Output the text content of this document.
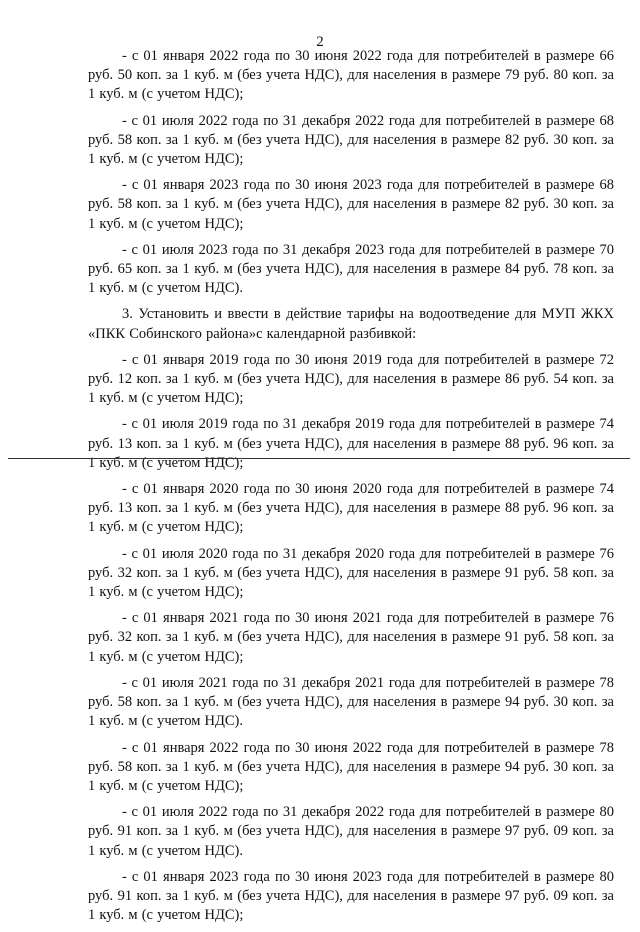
2

- с 01 января 2022 года по 30 июня 2022 года для потребителей в размере 66 руб. 50 коп. за 1 куб. м (без учета НДС), для населения в размере 79 руб. 80 коп. за 1 куб. м (с учетом НДС);

- с 01 июля 2022 года по 31 декабря 2022 года для потребителей в размере 68 руб. 58 коп. за 1 куб. м (без учета НДС), для населения в размере 82 руб. 30 коп. за 1 куб. м (с учетом НДС);

- с 01 января 2023 года по 30 июня 2023 года для потребителей в размере 68 руб. 58 коп. за 1 куб. м (без учета НДС), для населения в размере 82 руб. 30 коп. за 1 куб. м (с учетом НДС);

- с 01 июля 2023 года по 31 декабря 2023 года для потребителей в размере 70 руб. 65 коп. за 1 куб. м (без учета НДС), для населения в размере 84 руб. 78 коп. за 1 куб. м (с учетом НДС).

3. Установить и ввести в действие тарифы на водоотведение для МУП ЖКХ «ПКК Собинского района»с календарной разбивкой:

- с 01 января 2019 года по 30 июня 2019 года для потребителей в размере 72 руб. 12 коп. за 1 куб. м (без учета НДС), для населения в размере 86 руб. 54 коп. за 1 куб. м (с учетом НДС);

- с 01 июля 2019 года по 31 декабря 2019 года для потребителей в размере 74 руб. 13 коп. за 1 куб. м (без учета НДС), для населения в размере 88 руб. 96 коп. за 1 куб. м (с учетом НДС);

- с 01 января 2020 года по 30 июня 2020 года для потребителей в размере 74 руб. 13 коп. за 1 куб. м (без учета НДС), для населения в размере 88 руб. 96 коп. за 1 куб. м (с учетом НДС);

- с 01 июля 2020 года по 31 декабря 2020 года для потребителей в размере 76 руб. 32 коп. за 1 куб. м (без учета НДС), для населения в размере 91 руб. 58 коп. за 1 куб. м (с учетом НДС);

- с 01 января 2021 года по 30 июня 2021 года для потребителей в размере 76 руб. 32 коп. за 1 куб. м (без учета НДС), для населения в размере 91 руб. 58 коп. за 1 куб. м (с учетом НДС);

- с 01 июля 2021 года по 31 декабря 2021 года для потребителей в размере 78 руб. 58 коп. за 1 куб. м (без учета НДС), для населения в размере 94 руб. 30 коп. за 1 куб. м (с учетом НДС).

- с 01 января 2022 года по 30 июня 2022 года для потребителей в размере 78 руб. 58 коп. за 1 куб. м (без учета НДС), для населения в размере 94 руб. 30 коп. за 1 куб. м (с учетом НДС);

- с 01 июля 2022 года по 31 декабря 2022 года для потребителей в размере 80 руб. 91 коп. за 1 куб. м (без учета НДС), для населения в размере 97 руб. 09 коп. за 1 куб. м (с учетом НДС).

- с 01 января 2023 года по 30 июня 2023 года для потребителей в размере 80 руб. 91 коп. за 1 куб. м (без учета НДС), для населения в размере 97 руб. 09 коп. за 1 куб. м (с учетом НДС);
